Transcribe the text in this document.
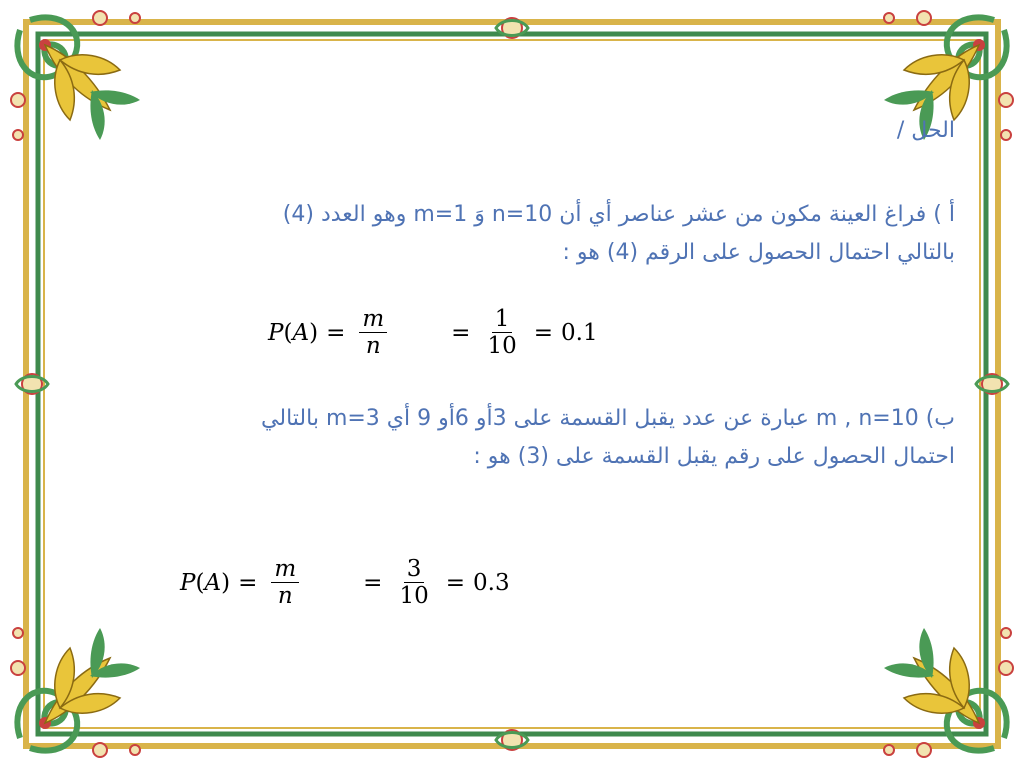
الحل /
أ ) فراغ العينة مكون من عشر عناصر أي أن n=10 وَ m=1 وهو العدد (4)
بالتالي احتمال الحصول على الرقم (4) هو :
$P(A) = \frac{m}{n}$	= $\frac{1}{10} = 0.1$
ب) m , n=10 عبارة عن عدد يقبل القسمة على 3أو 6أو 9 أي m=3 بالتالي
احتمال الحصول على رقم يقبل القسمة على (3) هو :
$P(A) = \frac{m}{n}$	= $\frac{3}{10} = 0.3$
